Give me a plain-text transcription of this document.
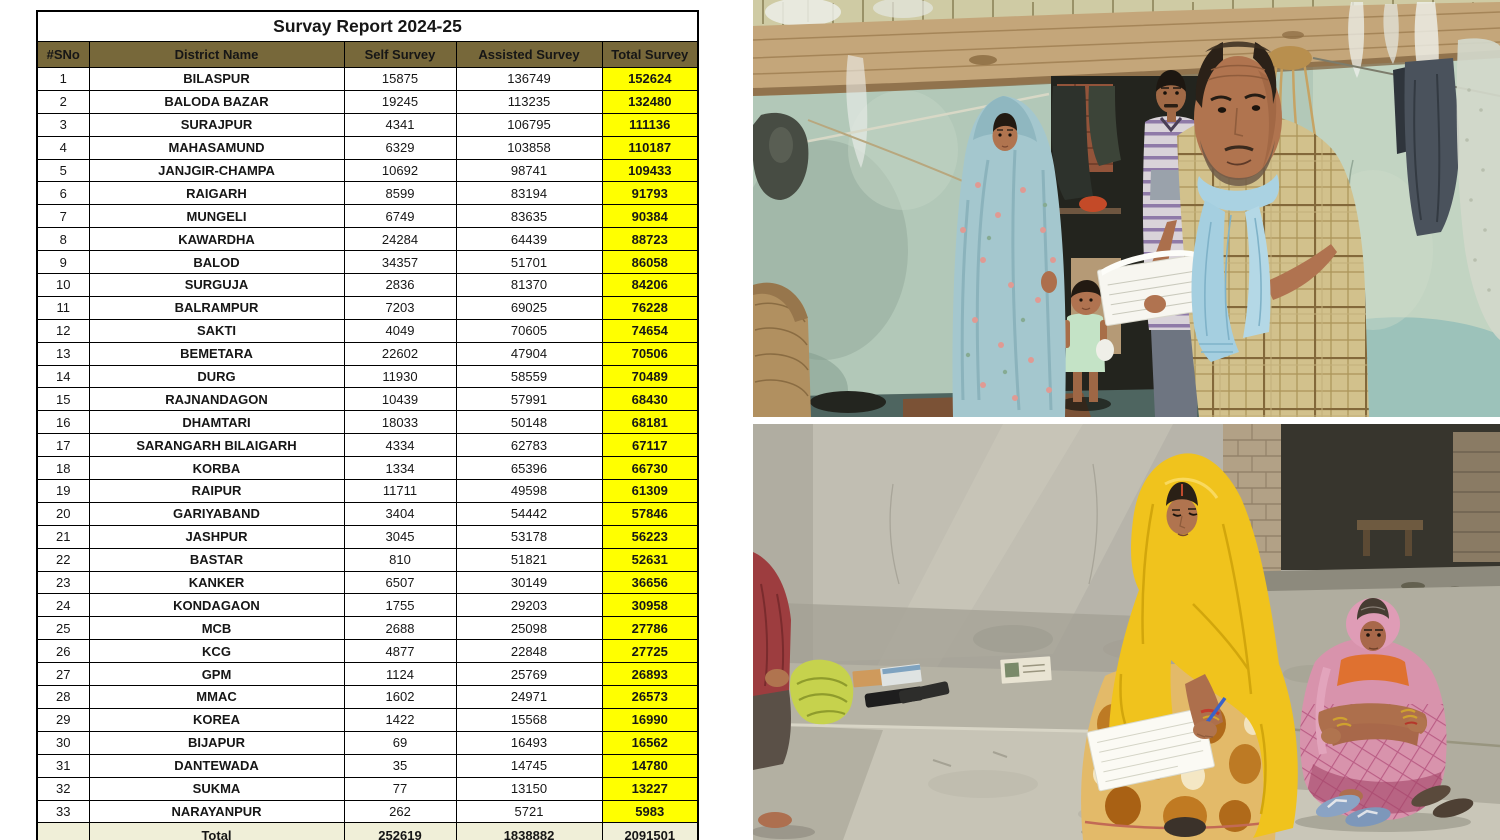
Survay Report 2024-25				
#SNo	District Name	Self Survey	Assisted Survey	Total Survey
1	BILASPUR	15875	136749	152624
2	BALODA BAZAR	19245	113235	132480
3	SURAJPUR	4341	106795	111136
4	MAHASAMUND	6329	103858	110187
5	JANJGIR-CHAMPA	10692	98741	109433
6	RAIGARH	8599	83194	91793
7	MUNGELI	6749	83635	90384
8	KAWARDHA	24284	64439	88723
9	BALOD	34357	51701	86058
10	SURGUJA	2836	81370	84206
11	BALRAMPUR	7203	69025	76228
12	SAKTI	4049	70605	74654
13	BEMETARA	22602	47904	70506
14	DURG	11930	58559	70489
15	RAJNANDAGON	10439	57991	68430
16	DHAMTARI	18033	50148	68181
17	SARANGARH BILAIGARH	4334	62783	67117
18	KORBA	1334	65396	66730
19	RAIPUR	11711	49598	61309
20	GARIYABAND	3404	54442	57846
21	JASHPUR	3045	53178	56223
22	BASTAR	810	51821	52631
23	KANKER	6507	30149	36656
24	KONDAGAON	1755	29203	30958
25	MCB	2688	25098	27786
26	KCG	4877	22848	27725
27	GPM	1124	25769	26893
28	MMAC	1602	24971	26573
29	KOREA	1422	15568	16990
30	BIJAPUR	69	16493	16562
31	DANTEWADA	35	14745	14780
32	SUKMA	77	13150	13227
33	NARAYANPUR	262	5721	5983
	Total	252619	1838882	2091501
